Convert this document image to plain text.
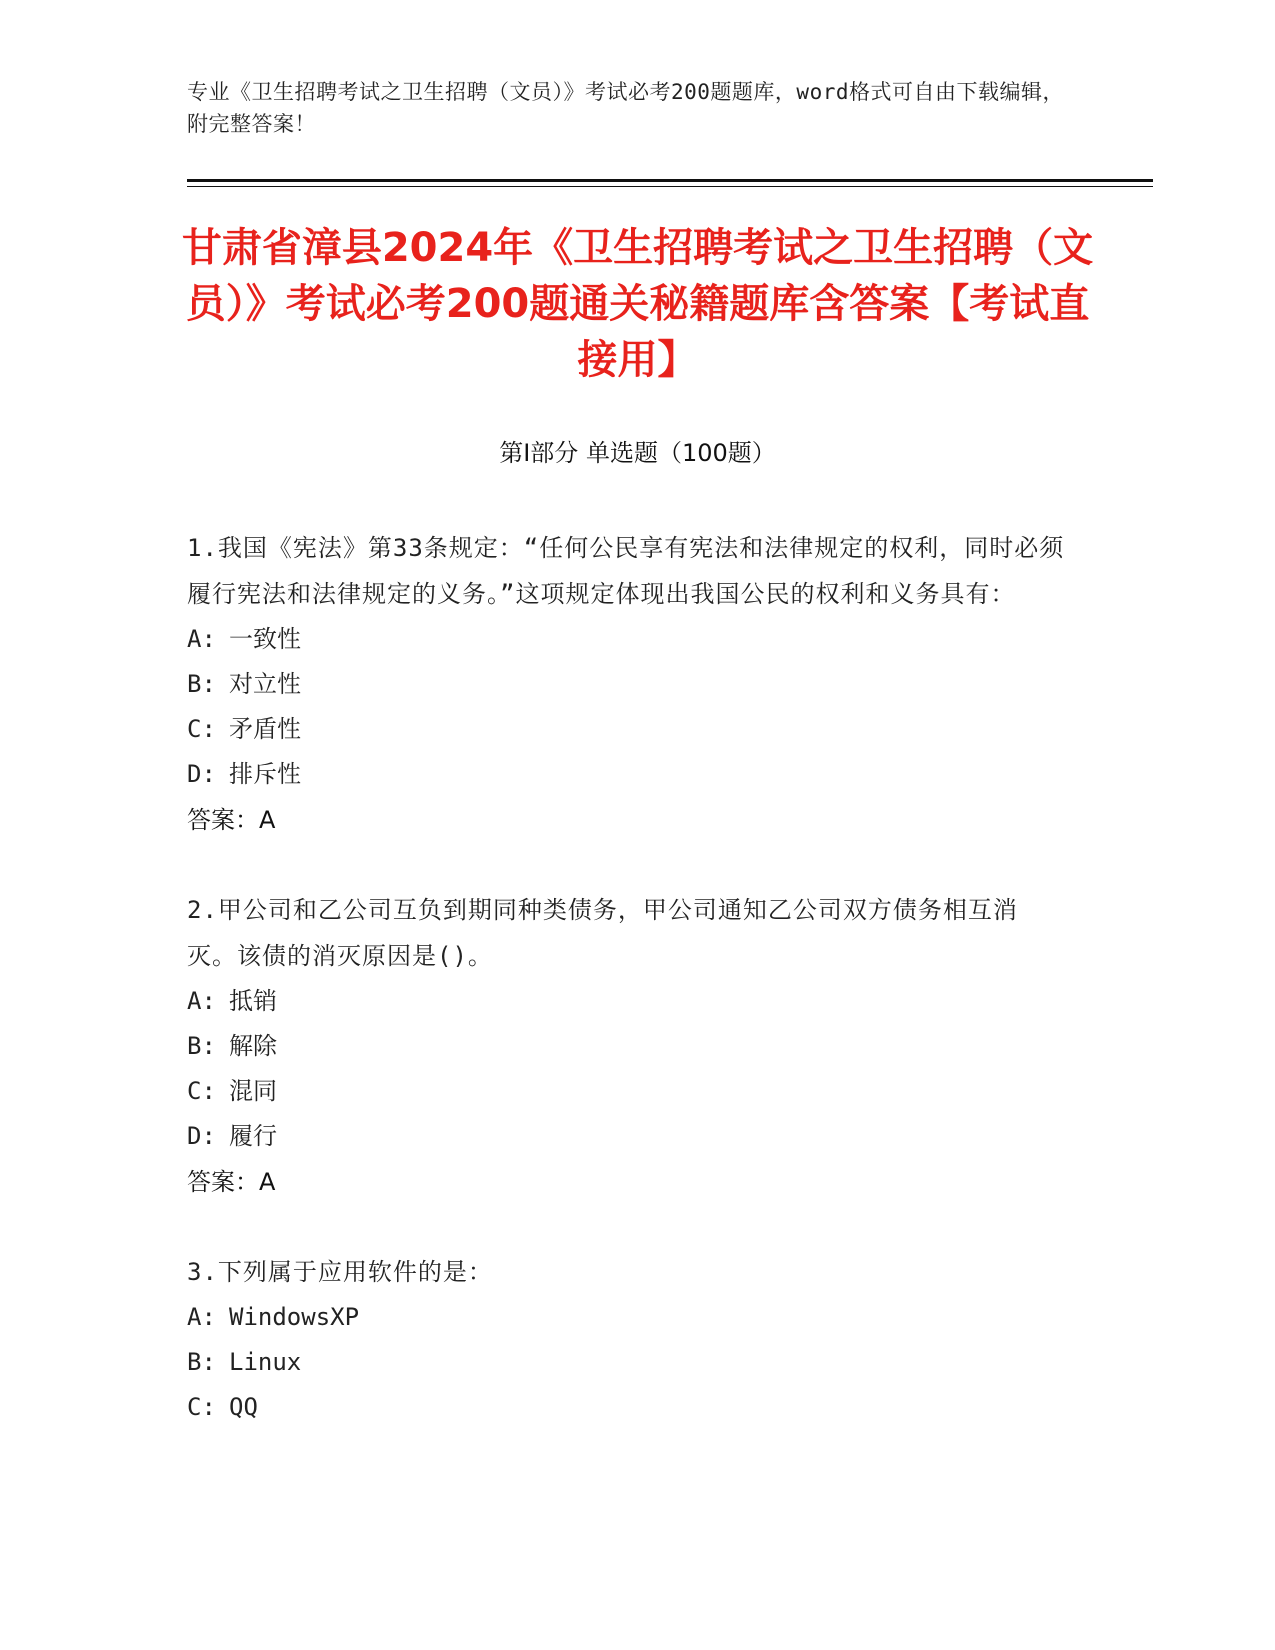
专业《卫生招聘考试之卫生招聘（文员）》考试必考200题题库，word格式可自由下载编辑，附完整答案！
甘肃省漳县2024年《卫生招聘考试之卫生招聘（文员）》考试必考200题通关秘籍题库含答案【考试直接用】
第I部分 单选题（100题）
1.我国《宪法》第33条规定：“任何公民享有宪法和法律规定的权利，同时必须履行宪法和法律规定的义务。”这项规定体现出我国公民的权利和义务具有：
A: 一致性
B: 对立性
C: 矛盾性
D: 排斥性
答案：A
2.甲公司和乙公司互负到期同种类债务，甲公司通知乙公司双方债务相互消灭。该债的消灭原因是()。
A: 抵销
B: 解除
C: 混同
D: 履行
答案：A
3.下列属于应用软件的是：
A: WindowsXP
B: Linux
C: QQ
